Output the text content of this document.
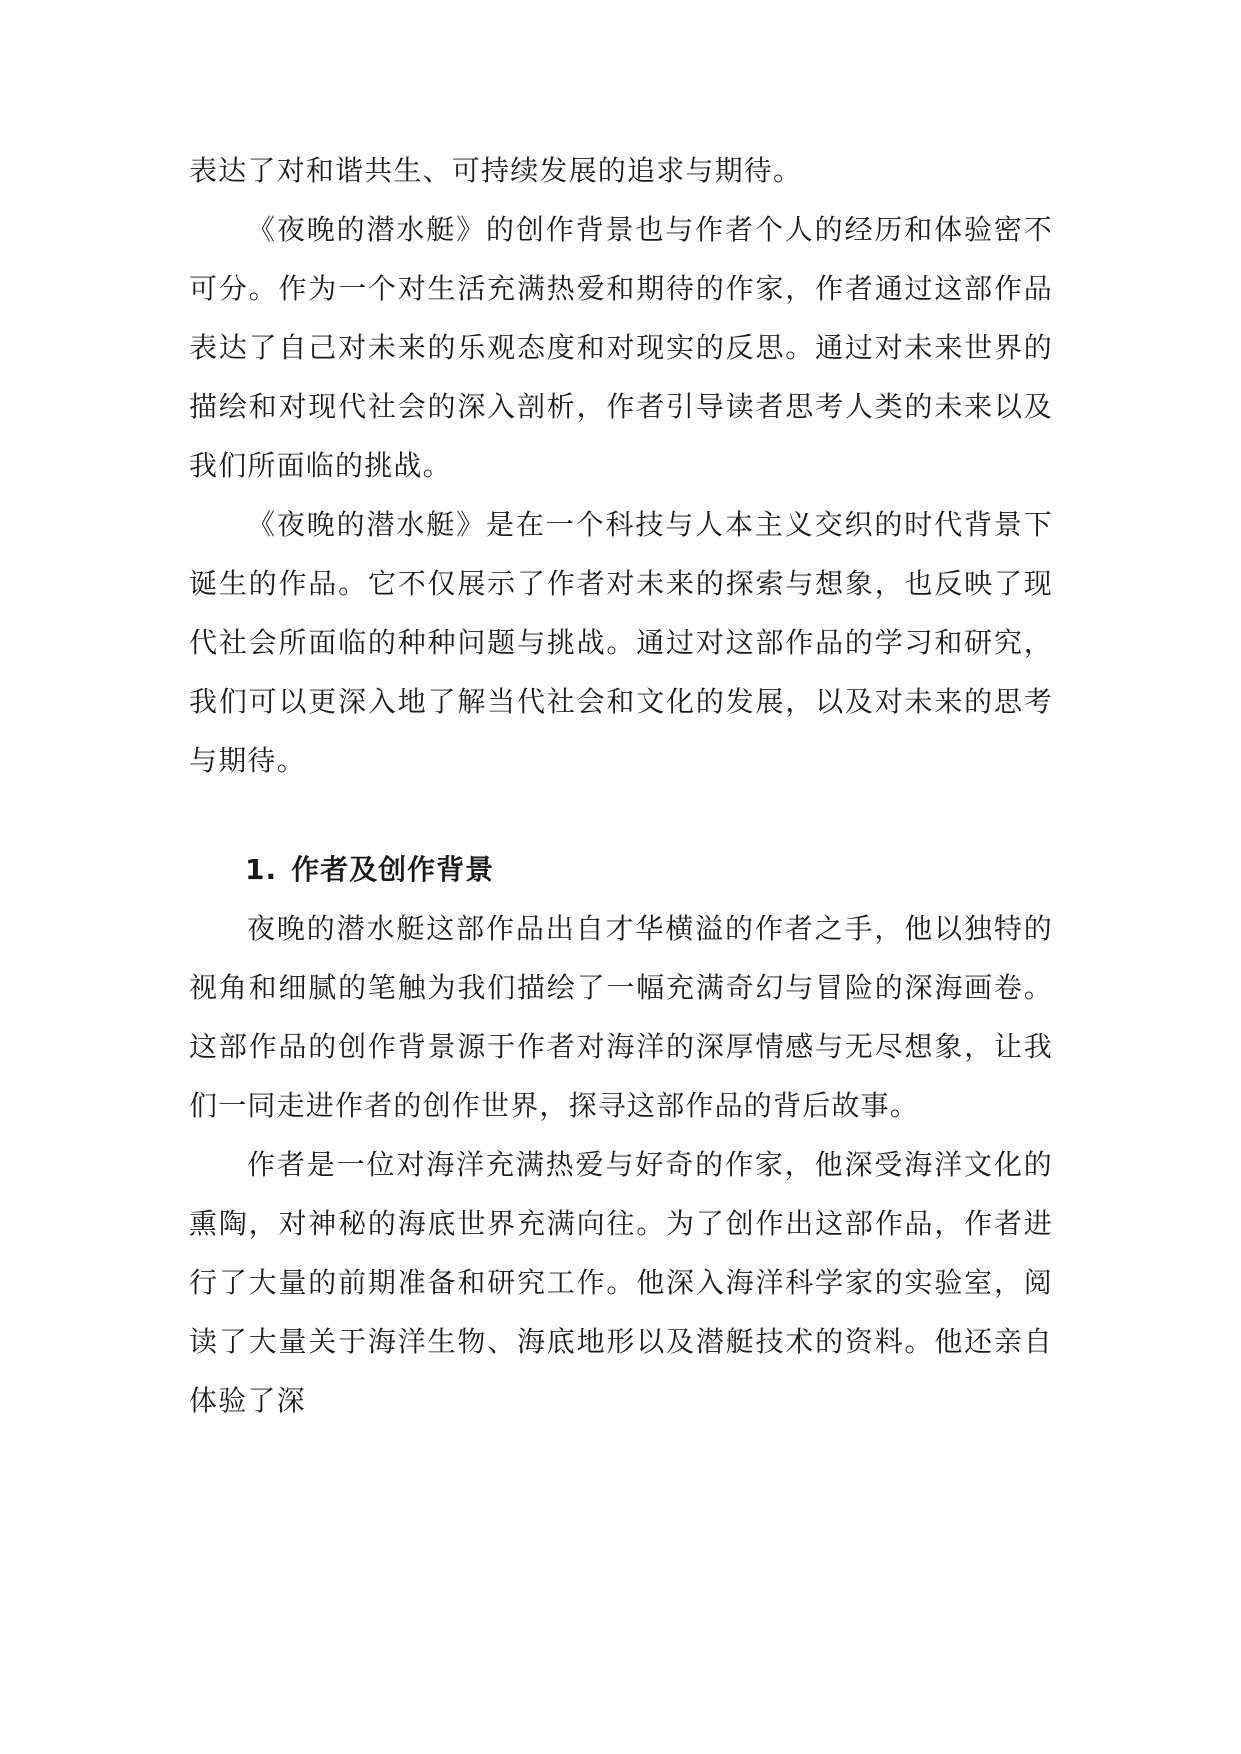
表达了对和谐共生、可持续发展的追求与期待。

《夜晚的潜水艇》的创作背景也与作者个人的经历和体验密不可分。作为一个对生活充满热爱和期待的作家，作者通过这部作品表达了自己对未来的乐观态度和对现实的反思。通过对未来世界的描绘和对现代社会的深入剖析，作者引导读者思考人类的未来以及我们所面临的挑战。

《夜晚的潜水艇》是在一个科技与人本主义交织的时代背景下诞生的作品。它不仅展示了作者对未来的探索与想象，也反映了现代社会所面临的种种问题与挑战。通过对这部作品的学习和研究，我们可以更深入地了解当代社会和文化的发展，以及对未来的思考与期待。

1. 作者及创作背景

夜晚的潜水艇这部作品出自才华横溢的作者之手，他以独特的视角和细腻的笔触为我们描绘了一幅充满奇幻与冒险的深海画卷。这部作品的创作背景源于作者对海洋的深厚情感与无尽想象，让我们一同走进作者的创作世界，探寻这部作品的背后故事。

作者是一位对海洋充满热爱与好奇的作家，他深受海洋文化的熏陶，对神秘的海底世界充满向往。为了创作出这部作品，作者进行了大量的前期准备和研究工作。他深入海洋科学家的实验室，阅读了大量关于海洋生物、海底地形以及潜艇技术的资料。他还亲自体验了深
